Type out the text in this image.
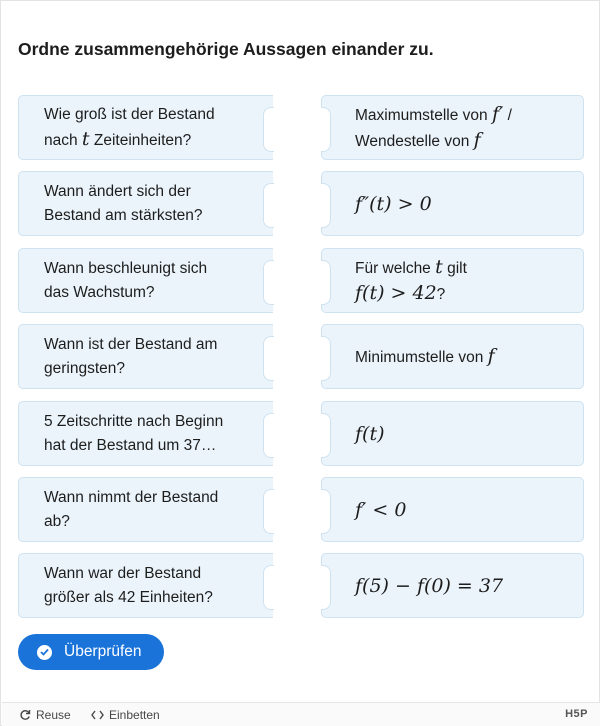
Ordne zusammengehörige Aussagen einander zu.
Wie groß ist der Bestand
nach t Zeiteinheiten?
Wann ändert sich der
Bestand am stärksten?
Wann beschleunigt sich
das Wachstum?
Wann ist der Bestand am
geringsten?
5 Zeitschritte nach Beginn
hat der Bestand um 37…
Wann nimmt der Bestand
ab?
Wann war der Bestand
größer als 42 Einheiten?
Maximumstelle von f′ /
Wendestelle von f
f″(t) > 0
Für welche t gilt
f(t) > 42?
Minimumstelle von f
f(t)
f′ < 0
f(5) − f(0) = 37
Überprüfen
Reuse	Einbetten	H5P
